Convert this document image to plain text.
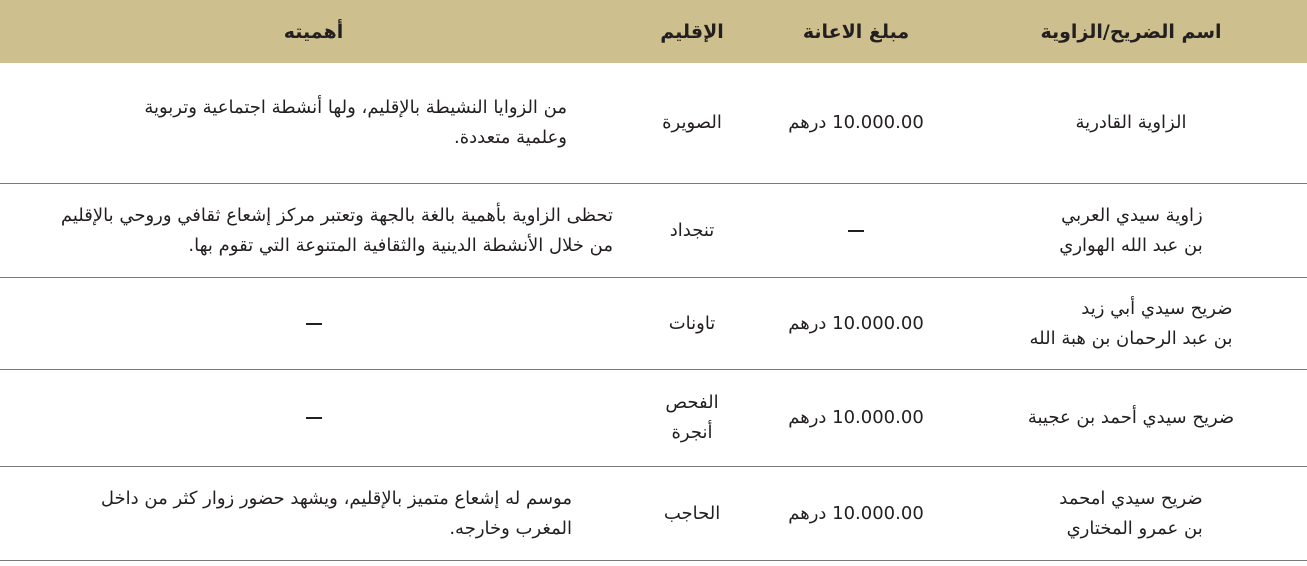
اسم الضريح/الزاوية
مبلغ الاعانة
الإقليم
أهميته
الزاوية القادرية
10.000.00 درهم
الصويرة
من الزوايا النشيطة بالإقليم، ولها أنشطة اجتماعية وتربوية
وعلمية متعددة.
زاوية سيدي العربي
بن عبد الله الهواري
تنجداد
تحظى الزاوية بأهمية بالغة بالجهة وتعتبر مركز إشعاع ثقافي وروحي بالإقليم
من خلال الأنشطة الدينية والثقافية المتنوعة التي تقوم بها.
ضريح سيدي أبي زيد
بن عبد الرحمان بن هبة الله
10.000.00 درهم
تاونات
ضريح سيدي أحمد بن عجيبة
10.000.00 درهم
الفحص
أنجرة
ضريح سيدي امحمد
بن عمرو المختاري
10.000.00 درهم
الحاجب
موسم له إشعاع متميز بالإقليم، ويشهد حضور زوار كثر من داخل
المغرب وخارجه.
